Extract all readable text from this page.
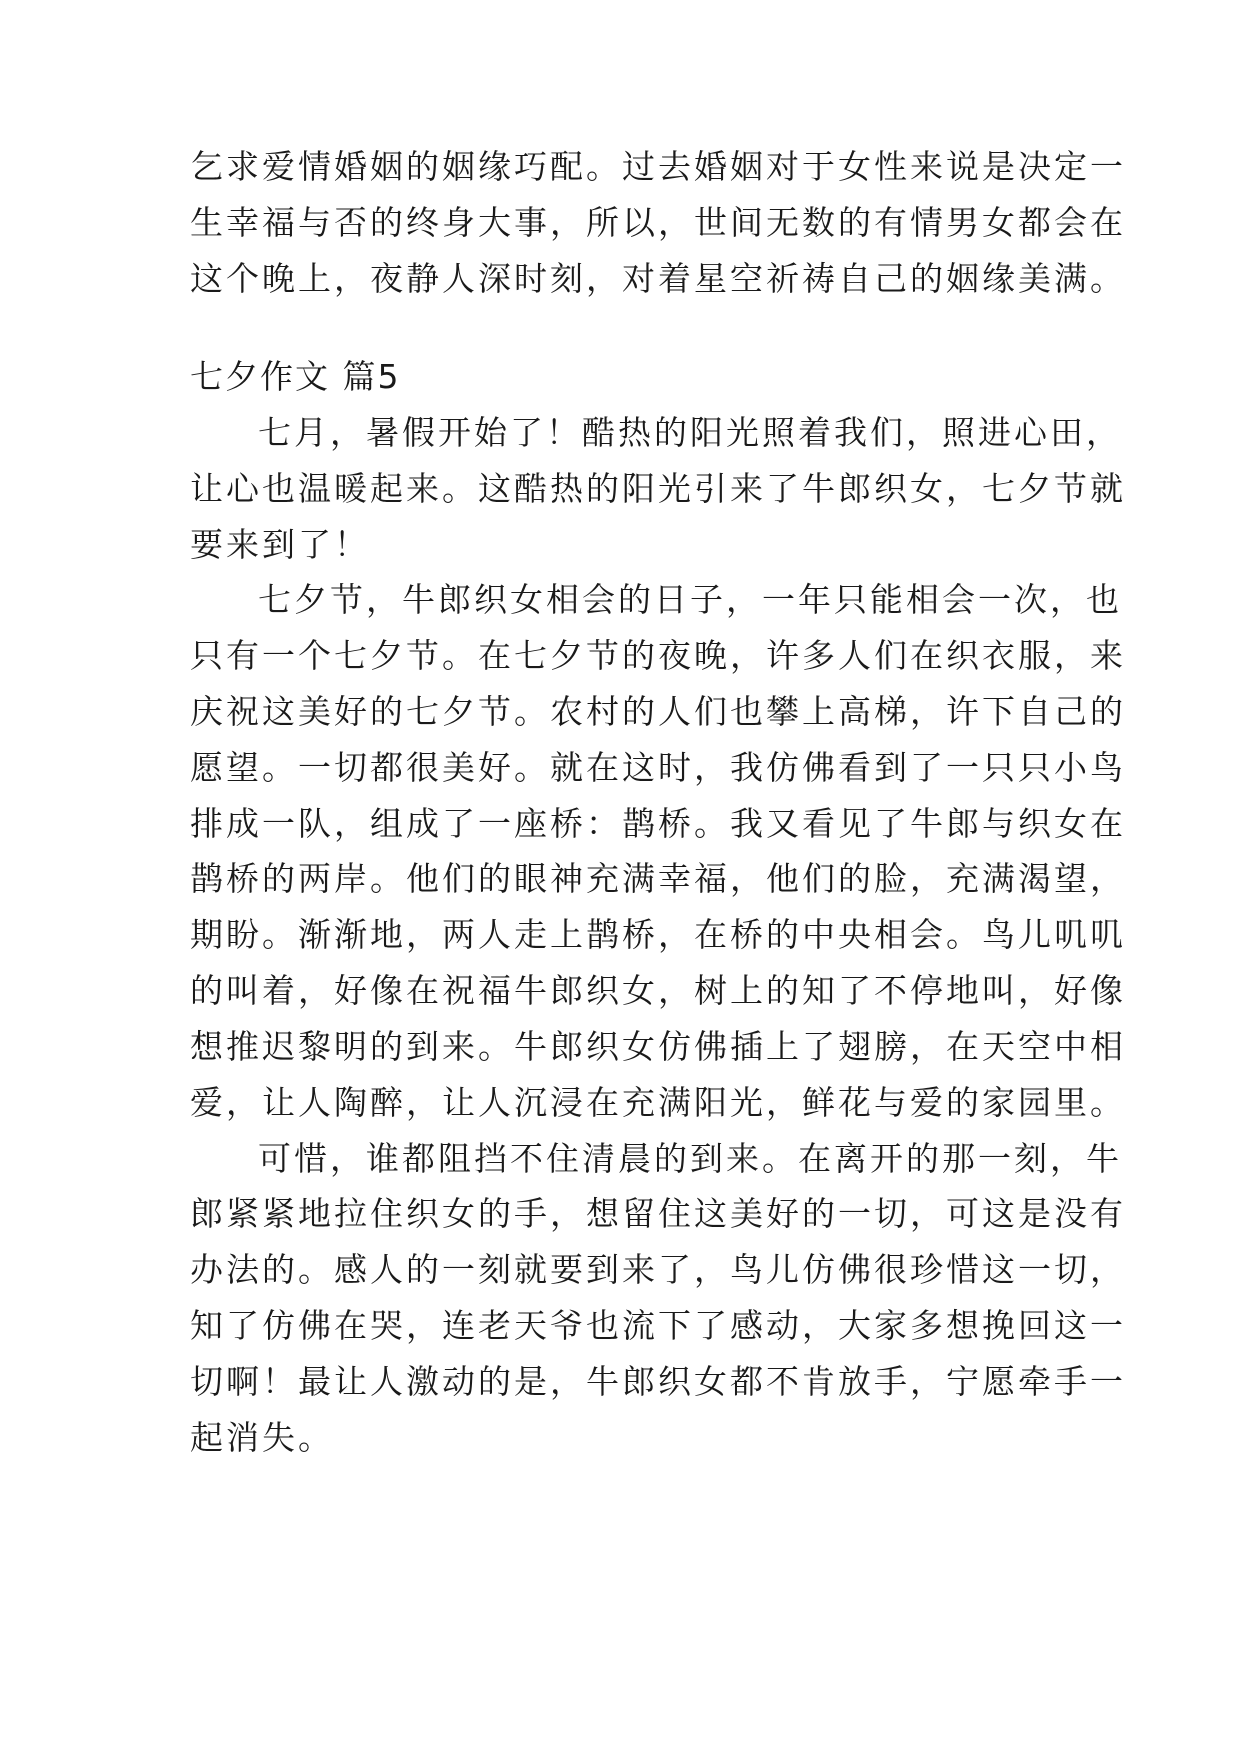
乞求爱情婚姻的姻缘巧配。过去婚姻对于女性来说是决定一
生幸福与否的终身大事，所以，世间无数的有情男女都会在
这个晚上，夜静人深时刻，对着星空祈祷自己的姻缘美满。
七夕作文 篇5
七月，暑假开始了！酷热的阳光照着我们，照进心田，
让心也温暖起来。这酷热的阳光引来了牛郎织女，七夕节就
要来到了！
七夕节，牛郎织女相会的日子，一年只能相会一次，也
只有一个七夕节。在七夕节的夜晚，许多人们在织衣服，来
庆祝这美好的七夕节。农村的人们也攀上高梯，许下自己的
愿望。一切都很美好。就在这时，我仿佛看到了一只只小鸟
排成一队，组成了一座桥：鹊桥。我又看见了牛郎与织女在
鹊桥的两岸。他们的眼神充满幸福，他们的脸，充满渴望，
期盼。渐渐地，两人走上鹊桥，在桥的中央相会。鸟儿叽叽
的叫着，好像在祝福牛郎织女，树上的知了不停地叫，好像
想推迟黎明的到来。牛郎织女仿佛插上了翅膀，在天空中相
爱，让人陶醉，让人沉浸在充满阳光，鲜花与爱的家园里。
可惜，谁都阻挡不住清晨的到来。在离开的那一刻，牛
郎紧紧地拉住织女的手，想留住这美好的一切，可这是没有
办法的。感人的一刻就要到来了，鸟儿仿佛很珍惜这一切，
知了仿佛在哭，连老天爷也流下了感动，大家多想挽回这一
切啊！最让人激动的是，牛郎织女都不肯放手，宁愿牵手一
起消失。
